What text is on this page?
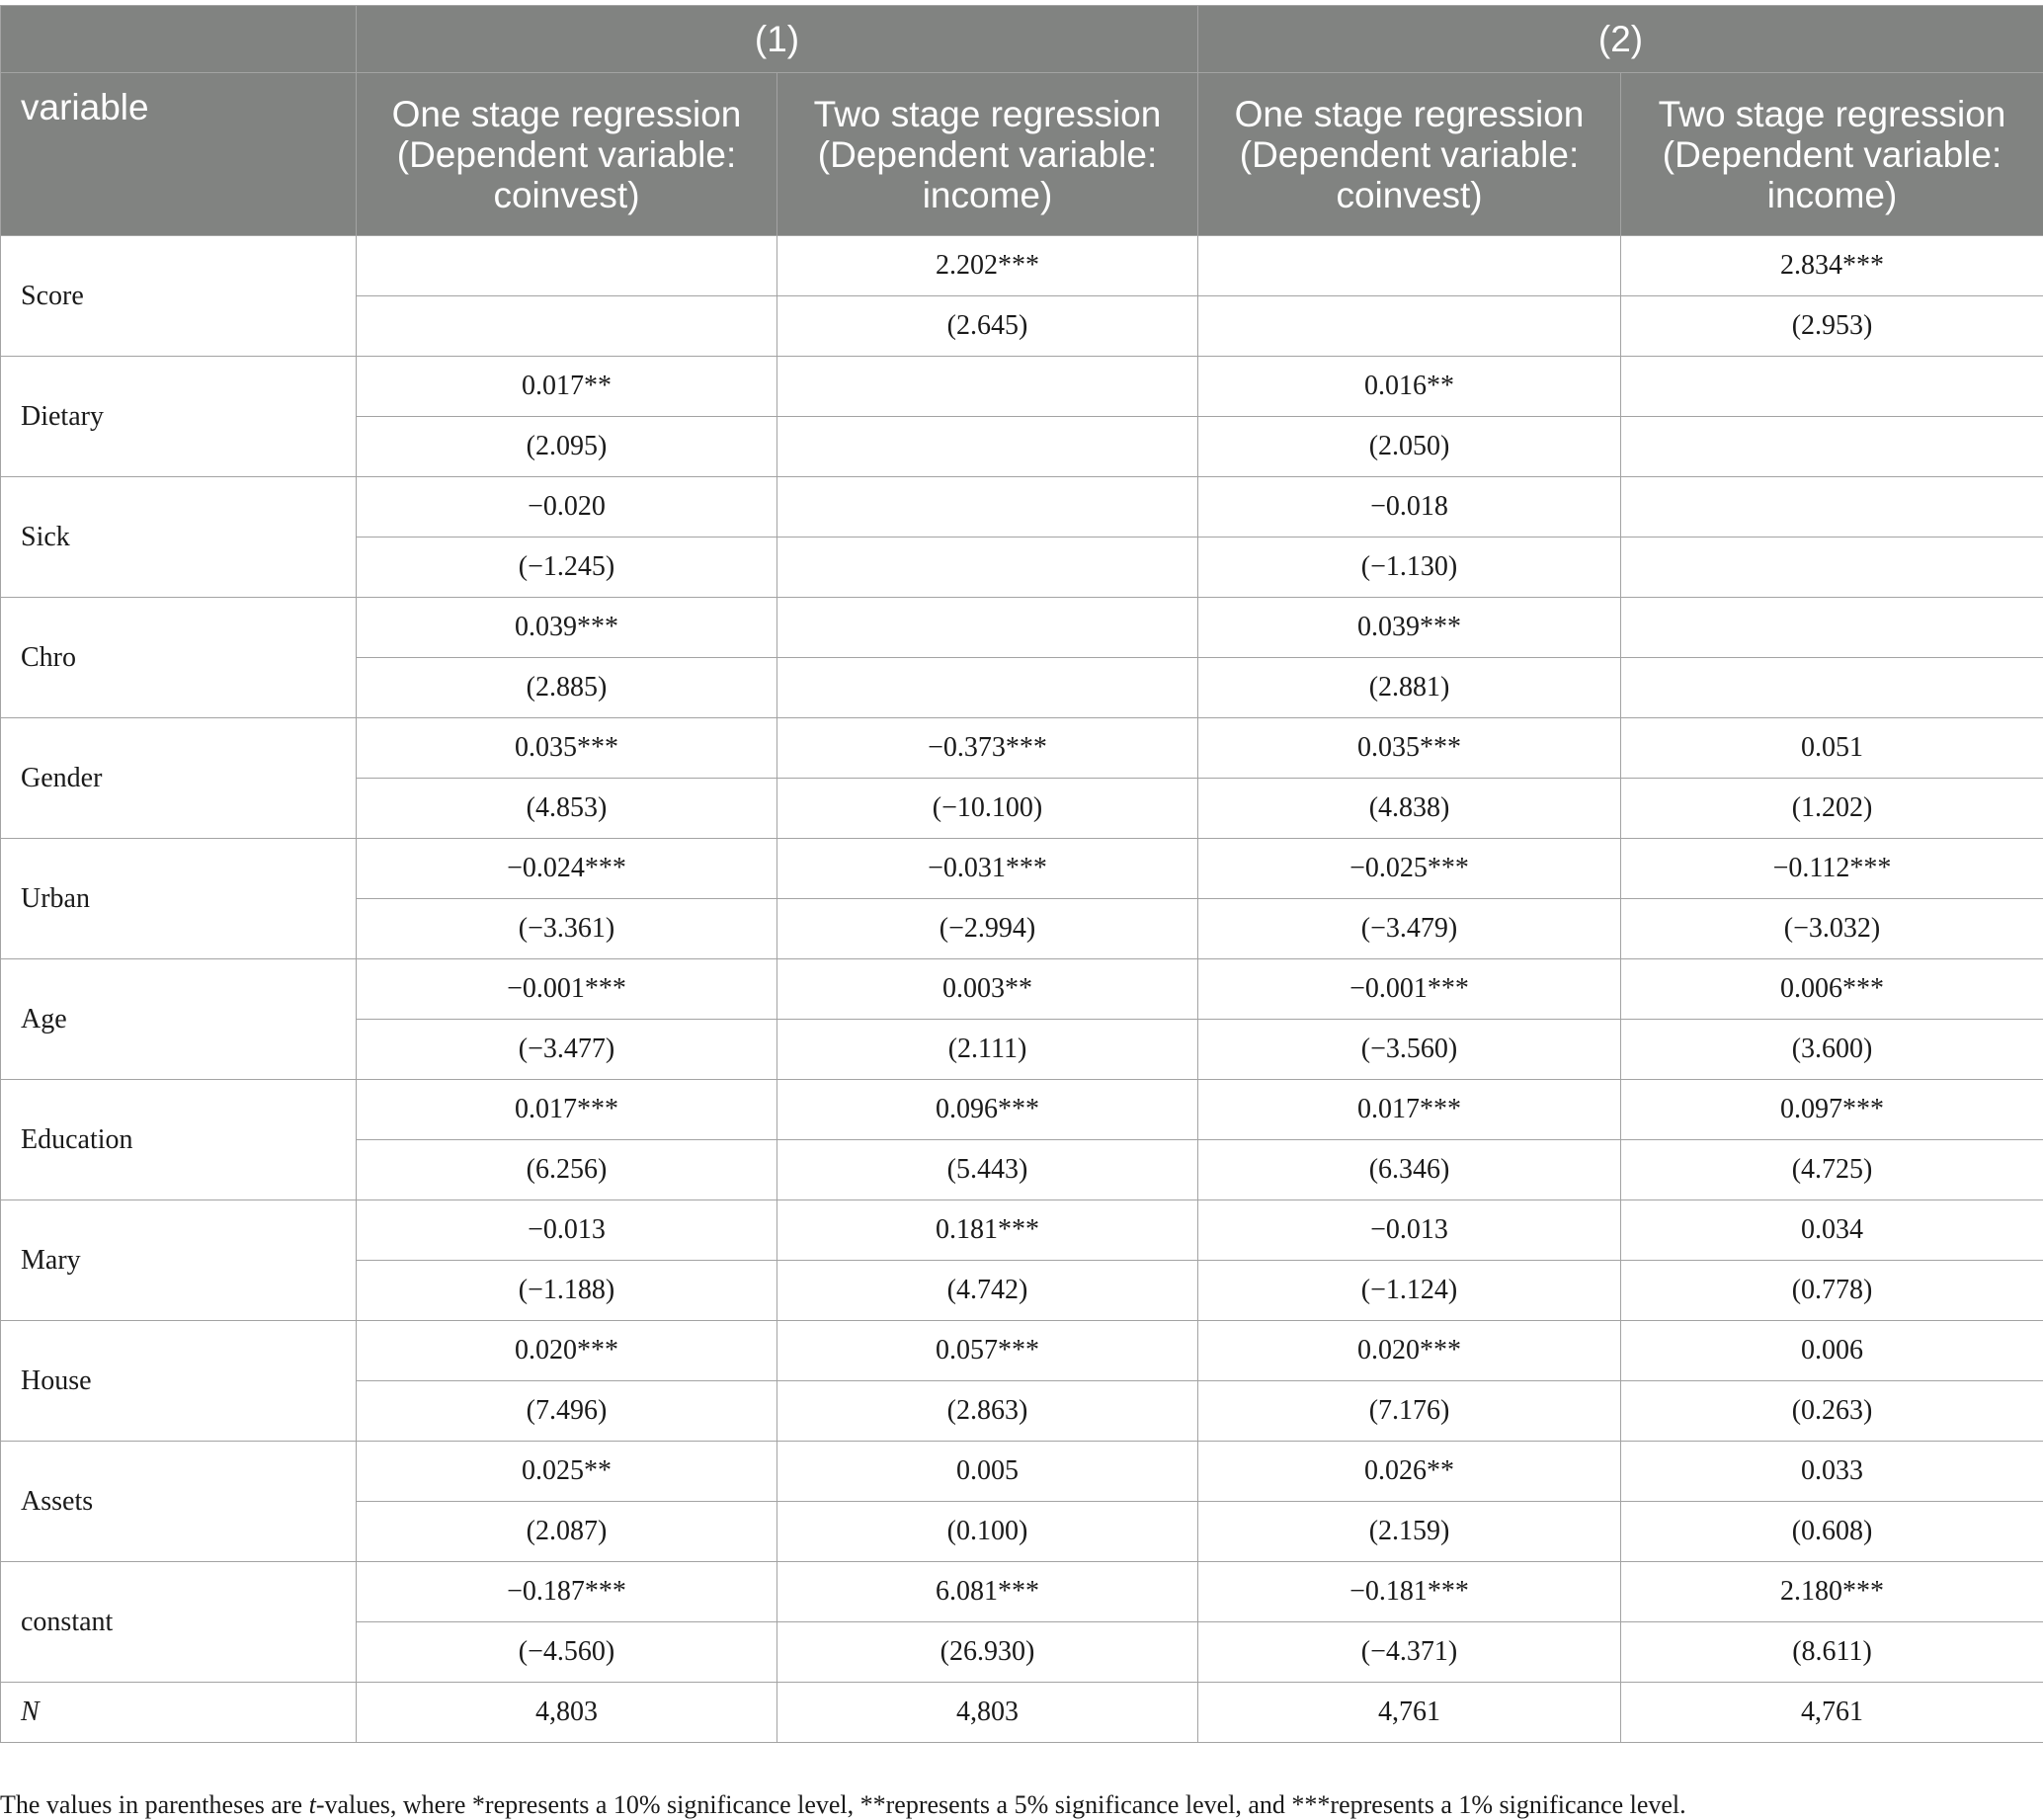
	(1)		(2)	
variable	One stage regression
(Dependent variable:
coinvest)	Two stage regression
(Dependent variable:
income)	One stage regression
(Dependent variable:
coinvest)	Two stage regression
(Dependent variable:
income)
Score		2.202***		2.834***
		(2.645)		(2.953)
Dietary	0.017**		0.016**	
	(2.095)		(2.050)	
Sick	−0.020		−0.018	
	(−1.245)		(−1.130)	
Chro	0.039***		0.039***	
	(2.885)		(2.881)	
Gender	0.035***	−0.373***	0.035***	0.051
	(4.853)	(−10.100)	(4.838)	(1.202)
Urban	−0.024***	−0.031***	−0.025***	−0.112***
	(−3.361)	(−2.994)	(−3.479)	(−3.032)
Age	−0.001***	0.003**	−0.001***	0.006***
	(−3.477)	(2.111)	(−3.560)	(3.600)
Education	0.017***	0.096***	0.017***	0.097***
	(6.256)	(5.443)	(6.346)	(4.725)
Mary	−0.013	0.181***	−0.013	0.034
	(−1.188)	(4.742)	(−1.124)	(0.778)
House	0.020***	0.057***	0.020***	0.006
	(7.496)	(2.863)	(7.176)	(0.263)
Assets	0.025**	0.005	0.026**	0.033
	(2.087)	(0.100)	(2.159)	(0.608)
constant	−0.187***	6.081***	−0.181***	2.180***
	(−4.560)	(26.930)	(−4.371)	(8.611)
N	4,803	4,803	4,761	4,761

The values in parentheses are t-values, where *represents a 10% significance level, **represents a 5% significance level, and ***represents a 1% significance level.
